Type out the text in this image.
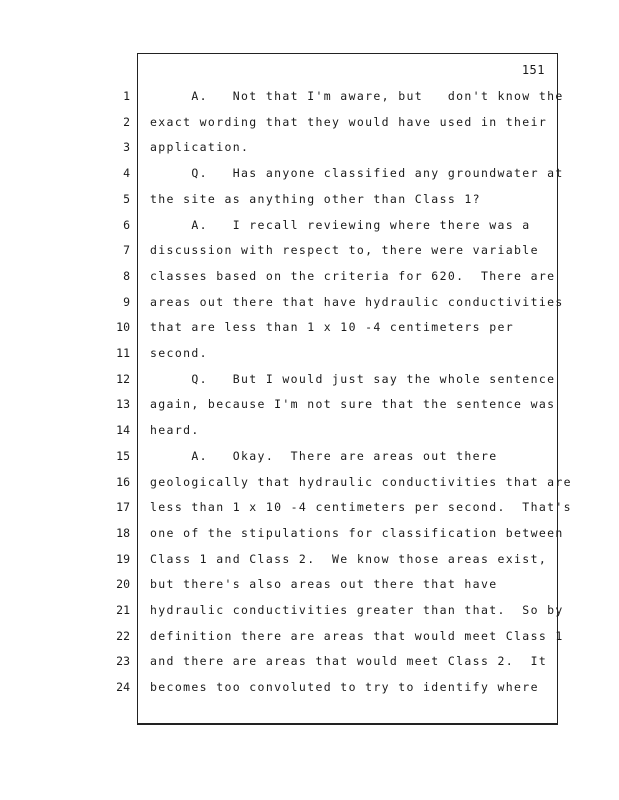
151
1 A.   Not that I'm aware, but   don't know the
2 exact wording that they would have used in their
3 application.
4 Q.   Has anyone classified any groundwater at
5 the site as anything other than Class 1?
6 A.   I recall reviewing where there was a
7 discussion with respect to, there were variable
8 classes based on the criteria for 620.  There are
9 areas out there that have hydraulic conductivities
10 that are less than 1 x 10 -4 centimeters per
11 second.
12 Q.   But I would just say the whole sentence
13 again, because I'm not sure that the sentence was
14 heard.
15 A.   Okay.  There are areas out there
16 geologically that hydraulic conductivities that are
17 less than 1 x 10 -4 centimeters per second.  That's
18 one of the stipulations for classification between
19 Class 1 and Class 2.  We know those areas exist,
20 but there's also areas out there that have
21 hydraulic conductivities greater than that.  So by
22 definition there are areas that would meet Class 1
23 and there are areas that would meet Class 2.  It
24 becomes too convoluted to try to identify where
